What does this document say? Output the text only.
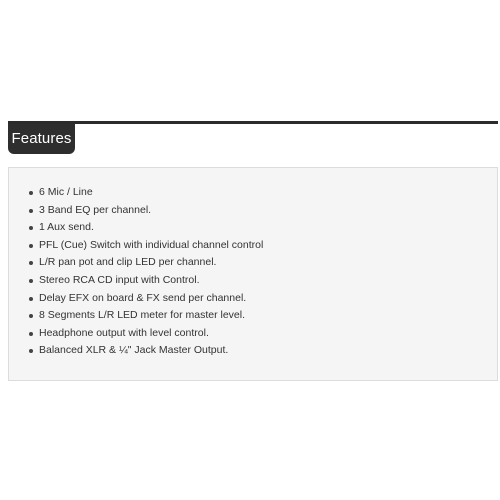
Features
6 Mic / Line
3 Band EQ per channel.
1 Aux send.
PFL (Cue) Switch with individual channel control
L/R pan pot and clip LED per channel.
Stereo RCA CD input with Control.
Delay EFX on board & FX send per channel.
8 Segments L/R LED meter for master level.
Headphone output with level control.
Balanced XLR & ¼" Jack Master Output.
